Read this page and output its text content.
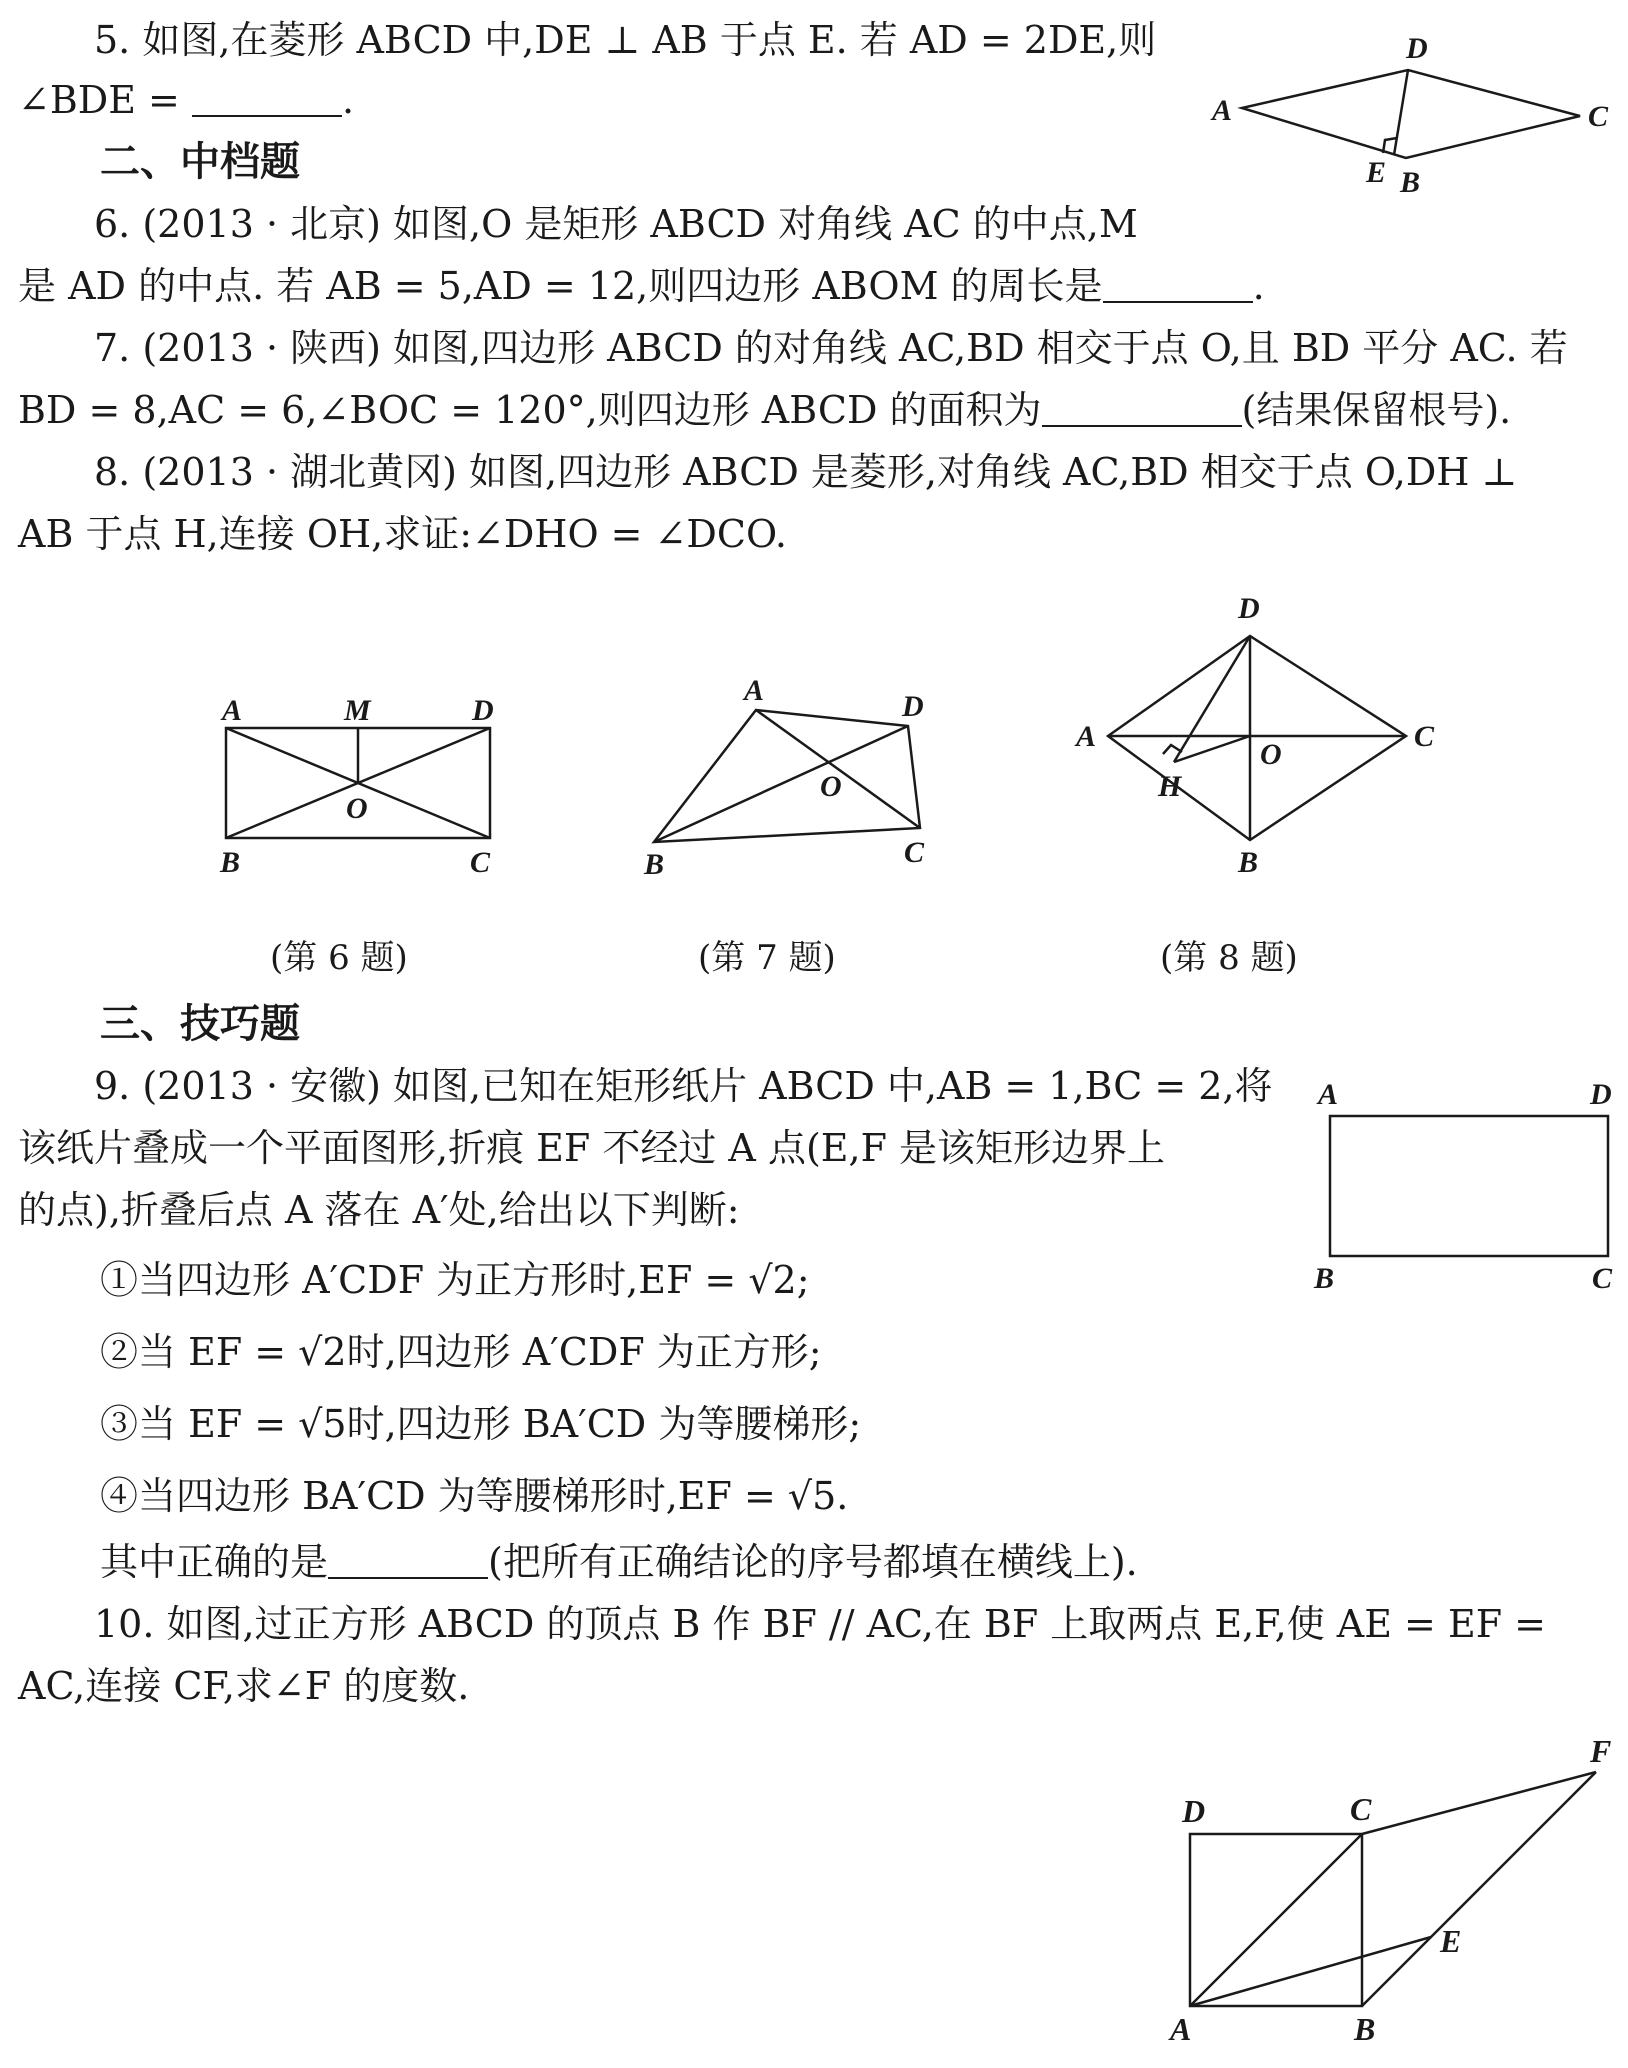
5. 如图,在菱形 ABCD 中,DE ⊥ AB 于点 E. 若 AD = 2DE,则
∠BDE =	.
D
A	C
E B
二、中档题
6. (2013 · 北京) 如图,O 是矩形 ABCD 对角线 AC 的中点,M
是 AD 的中点. 若 AB = 5,AD = 12,则四边形 ABOM 的周长是	.
7. (2013 · 陕西) 如图,四边形 ABCD 的对角线 AC,BD 相交于点 O,且 BD 平分 AC. 若
BD = 8,AC = 6,∠BOC = 120°,则四边形 ABCD 的面积为	(结果保留根号).
8. (2013 · 湖北黄冈) 如图,四边形 ABCD 是菱形,对角线 AC,BD 相交于点 O,DH ⊥
AB 于点 H,连接 OH,求证:∠DHO = ∠DCO.
A	M	D
O
B	C
(第 6 题)
A	D
O
B	C
(第 7 题)
D
A	C
O
H
B
(第 8 题)
三、技巧题
9. (2013 · 安徽) 如图,已知在矩形纸片 ABCD 中,AB = 1,BC = 2,将
该纸片叠成一个平面图形,折痕 EF 不经过 A 点(E,F 是该矩形边界上
的点),折叠后点 A 落在 A′处,给出以下判断:
①当四边形 A′CDF 为正方形时,EF = √2;
②当 EF = √2时,四边形 A′CDF 为正方形;
③当 EF = √5时,四边形 BA′CD 为等腰梯形;
④当四边形 BA′CD 为等腰梯形时,EF = √5.
其中正确的是	(把所有正确结论的序号都填在横线上).
A	D
B	C
10. 如图,过正方形 ABCD 的顶点 B 作 BF // AC,在 BF 上取两点 E,F,使 AE = EF =
AC,连接 CF,求∠F 的度数.
F
D	C
E
A	B
